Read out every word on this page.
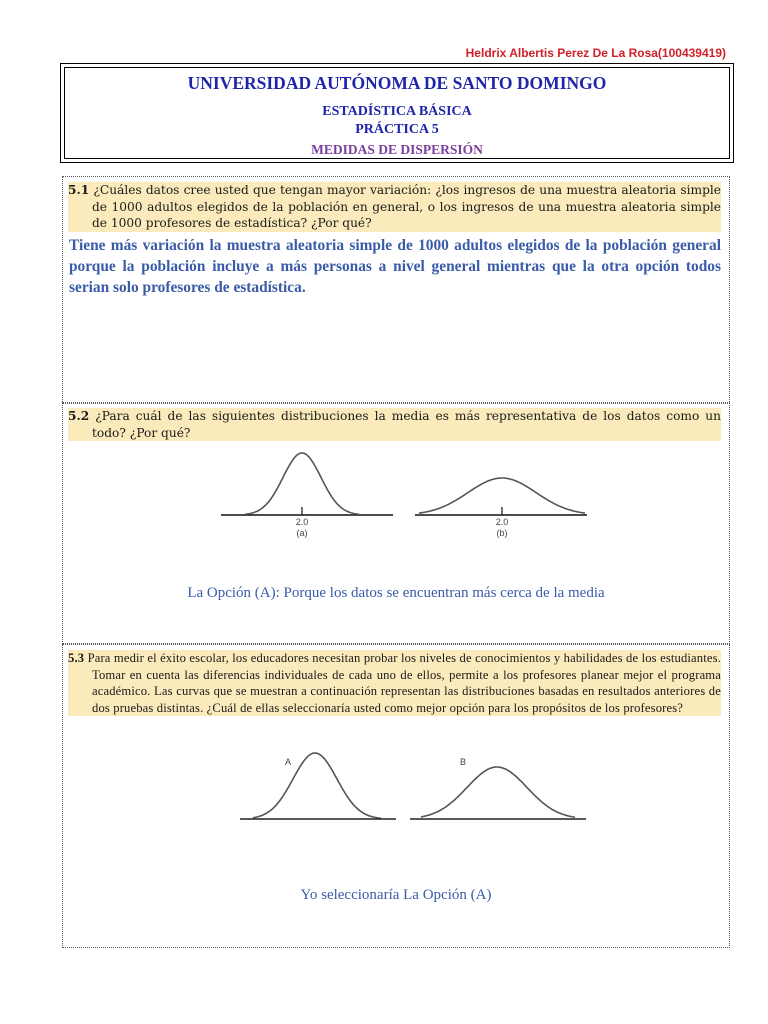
Heldrix Albertis Perez De La Rosa(100439419)
UNIVERSIDAD AUTÓNOMA DE SANTO DOMINGO
ESTADÍSTICA BÁSICA
PRÁCTICA 5
MEDIDAS DE DISPERSIÓN
5.1 ¿Cuáles datos cree usted que tengan mayor variación: ¿los ingresos de una muestra aleatoria simple de 1000 adultos elegidos de la población en general, o los ingresos de una muestra aleatoria simple de 1000 profesores de estadística? ¿Por qué?
Tiene más variación la muestra aleatoria simple de 1000 adultos elegidos de la población general porque la población incluye a más personas a nivel general mientras que la otra opción todos serian solo profesores de estadística.
5.2 ¿Para cuál de las siguientes distribuciones la media es más representativa de los datos como un todo? ¿Por qué?
2.0
(a)
2.0
(b)
La Opción (A): Porque los datos se encuentran más cerca de la media
5.3 Para medir el éxito escolar, los educadores necesitan probar los niveles de conocimientos y habilidades de los estudiantes. Tomar en cuenta las diferencias individuales de cada uno de ellos, permite a los profesores planear mejor el programa académico. Las curvas que se muestran a continuación representan las distribuciones basadas en resultados anteriores de dos pruebas distintas. ¿Cuál de ellas seleccionaría usted como mejor opción para los propósitos de los profesores?
A	B
Yo seleccionaría La Opción (A)
